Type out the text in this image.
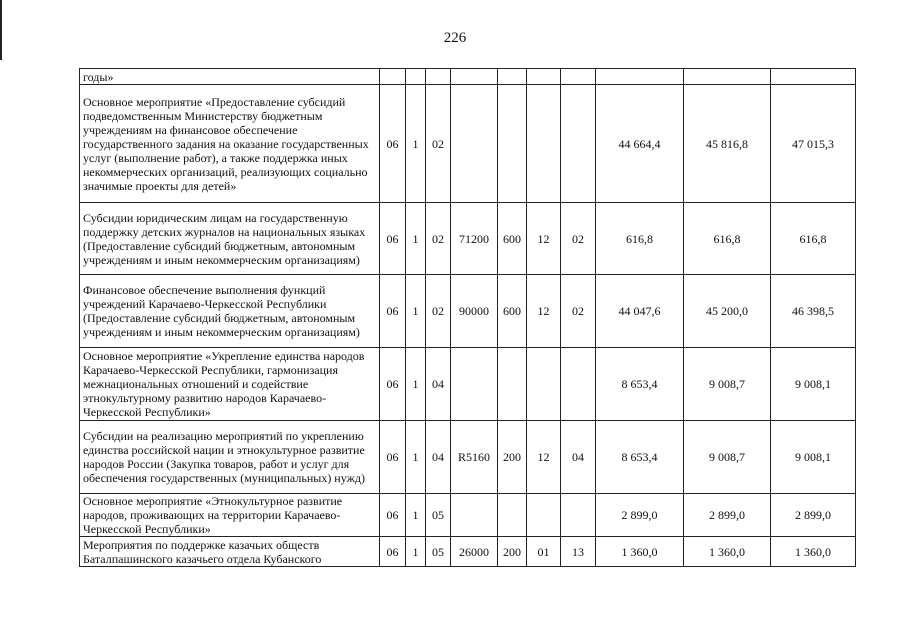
226
годы»										
Основное мероприятие «Предоставление субсидий подведомственным Министерству бюджетным учреждениям на финансовое обеспечение государственного задания на оказание государственных услуг (выполнение работ), а также поддержка иных некоммерческих организаций, реализующих социально значимые проекты для детей»	06	1	02					44 664,4	45 816,8	47 015,3
Субсидии юридическим лицам на государственную поддержку детских журналов на национальных языках (Предоставление субсидий бюджетным, автономным учреждениям и иным некоммерческим организациям)	06	1	02	71200	600	12	02	616,8	616,8	616,8
Финансовое обеспечение выполнения функций учреждений Карачаево-Черкесской Республики (Предоставление субсидий бюджетным, автономным учреждениям и иным некоммерческим организациям)	06	1	02	90000	600	12	02	44 047,6	45 200,0	46 398,5
Основное мероприятие «Укрепление единства народов Карачаево-Черкесской Республики, гармонизация межнациональных отношений и содействие этнокультурному развитию народов Карачаево-Черкесской Республики»	06	1	04					8 653,4	9 008,7	9 008,1
Субсидии на реализацию мероприятий по укреплению единства российской нации и этнокультурное развитие народов России (Закупка товаров, работ и услуг для обеспечения государственных (муниципальных) нужд)	06	1	04	R5160	200	12	04	8 653,4	9 008,7	9 008,1
Основное мероприятие «Этнокультурное развитие народов, проживающих на территории Карачаево-Черкесской Республики»	06	1	05					2 899,0	2 899,0	2 899,0
Мероприятия по поддержке казачьих обществ Баталпашинского казачьего отдела Кубанского	06	1	05	26000	200	01	13	1 360,0	1 360,0	1 360,0
